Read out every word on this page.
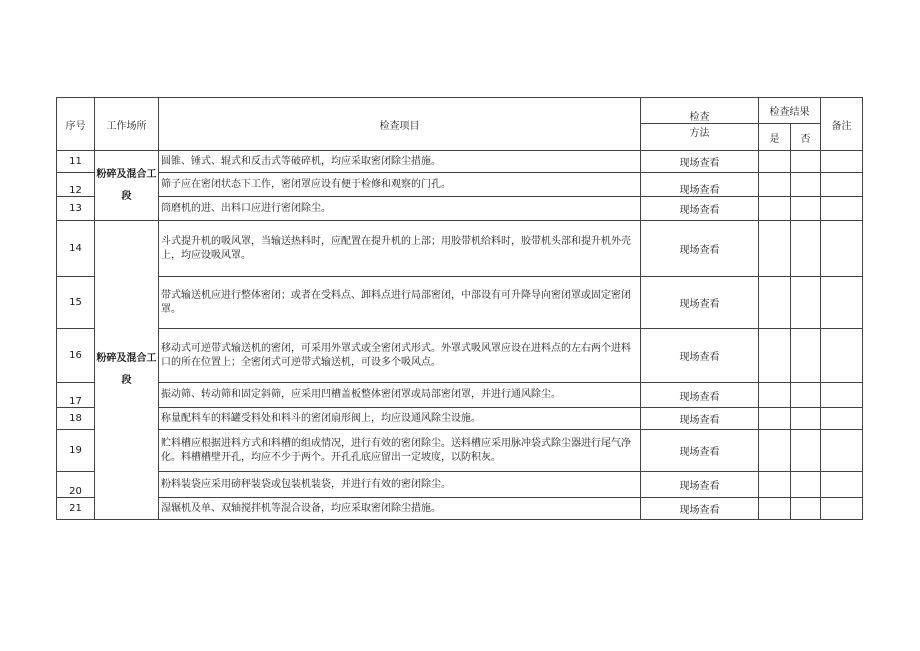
序号	工作场所	检查项目	检查	检查结果		备注
			方法	是	否	
11	粉碎及混合工段	圆锥、锤式、辊式和反击式等破碎机，均应采取密闭除尘措施。	现场查看			
12		筛子应在密闭状态下工作，密闭罩应设有便于检修和观察的门孔。	现场查看			
13		筒磨机的进、出料口应进行密闭除尘。	现场查看			
14	粉碎及混合工段	斗式提升机的吸风罩，当输送热料时，应配置在提升机的上部；用胶带机给料时，胶带机头部和提升机外壳上，均应设吸风罩。	现场查看			
15		带式输送机应进行整体密闭；或者在受料点、卸料点进行局部密闭，中部设有可升降导向密闭罩或固定密闭罩。	现场查看			
16		移动式可逆带式输送机的密闭，可采用外罩式或全密闭式形式。外罩式吸风罩应设在进料点的左右两个进料口的所在位置上；全密闭式可逆带式输送机，可设多个吸风点。	现场查看			
17		振动筛、转动筛和固定斜筛，应采用凹槽盖板整体密闭罩或局部密闭罩，并进行通风除尘。	现场查看			
18		称量配料车的料罐受料处和料斗的密闭扇形阀上，均应设通风除尘设施。	现场查看			
19		贮料槽应根据进料方式和料槽的组成情况，进行有效的密闭除尘。送料槽应采用脉冲袋式除尘器进行尾气净化。料槽槽壁开孔，均应不少于两个。开孔孔底应留出一定坡度，以防积灰。	现场查看			
20		粉料装袋应采用磅秤装袋或包装机装袋，并进行有效的密闭除尘。	现场查看			
21		湿辗机及单、双轴搅拌机等混合设备，均应采取密闭除尘措施。	现场查看			
